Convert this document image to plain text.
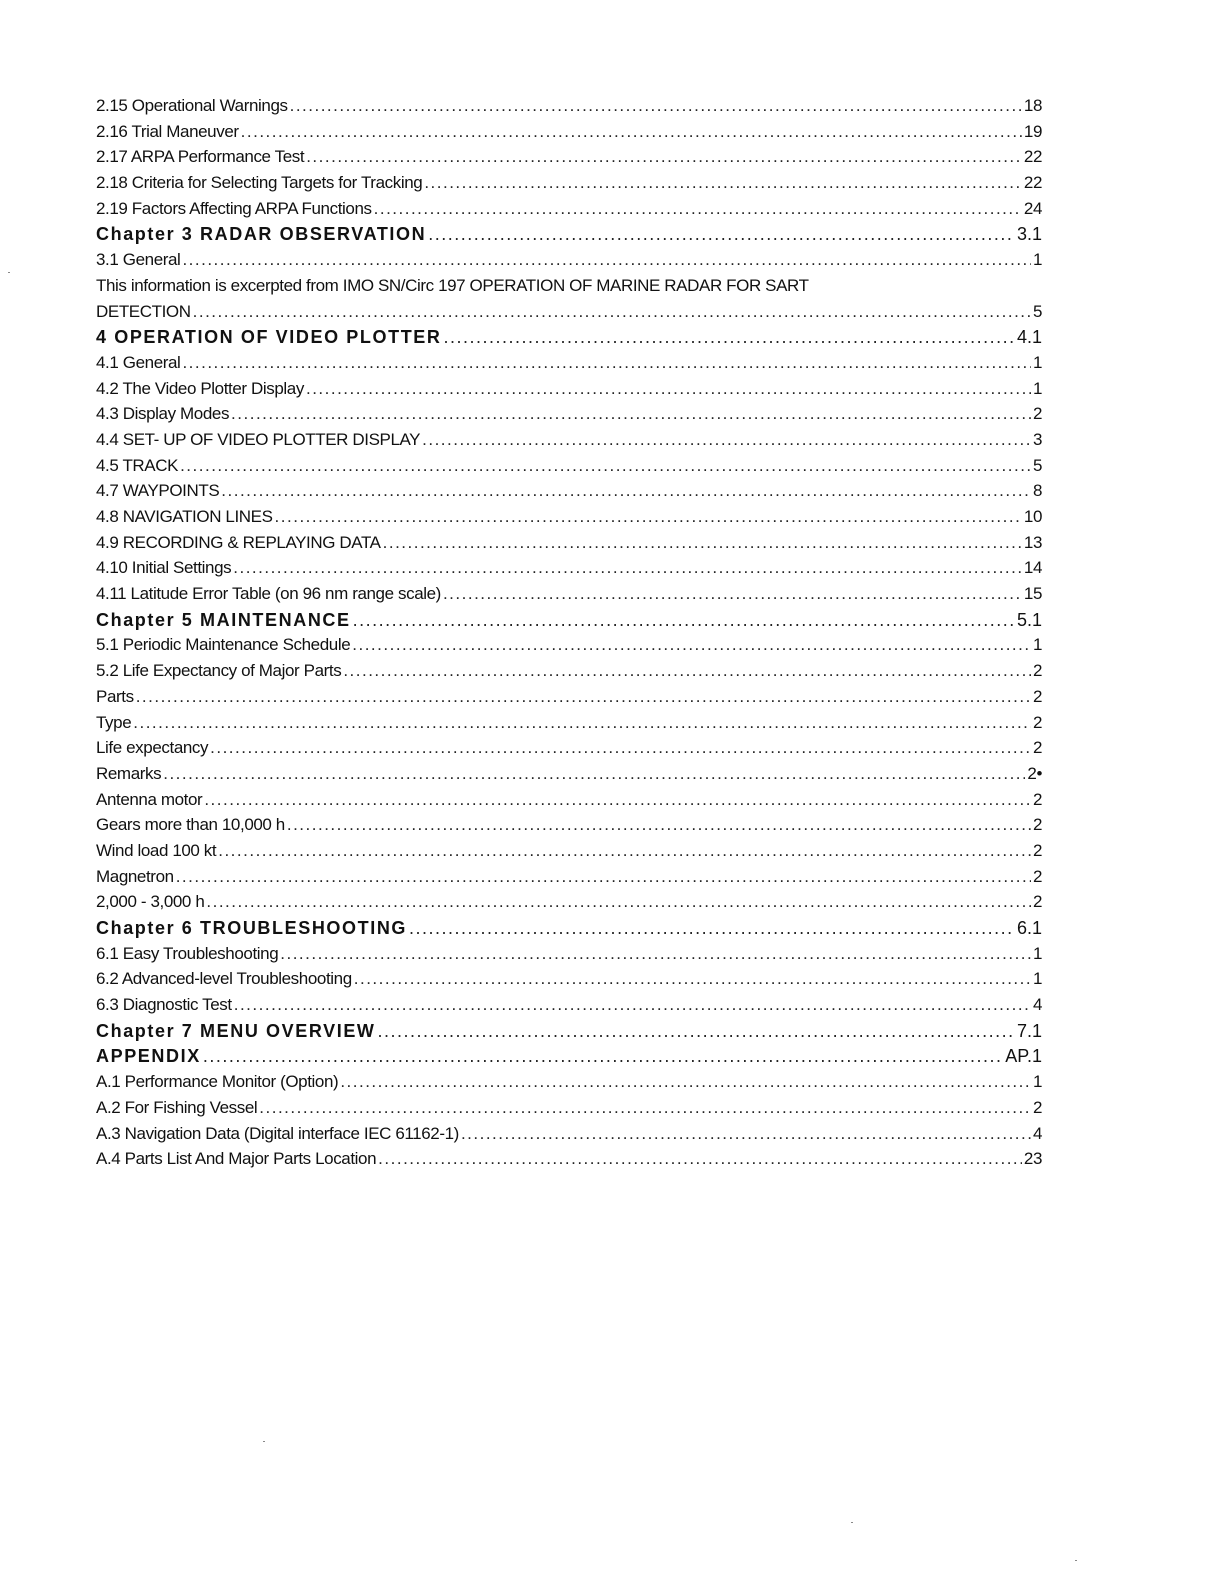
2.15 Operational Warnings .....	18
2.16 Trial Maneuver .....	19
2.17 ARPA Performance Test .....	22
2.18 Criteria for Selecting Targets for Tracking .....	22
2.19 Factors Affecting ARPA Functions .....	24
Chapter 3 RADAR OBSERVATION .....	3.1
3.1 General .....	1
This information is excerpted from IMO SN/Circ 197 OPERATION OF MARINE RADAR FOR SART
DETECTION .....	5
4 OPERATION OF VIDEO PLOTTER .....	4.1
4.1 General .....	1
4.2 The Video Plotter Display .....	1
4.3 Display Modes .....	2
4.4 SET- UP OF VIDEO PLOTTER DISPLAY .....	3
4.5 TRACK .....	5
4.7 WAYPOINTS .....	8
4.8 NAVIGATION LINES .....	10
4.9 RECORDING & REPLAYING DATA .....	13
4.10 Initial Settings .....	14
4.11 Latitude Error Table (on 96 nm range scale) .....	15
Chapter 5 MAINTENANCE .....	5.1
5.1 Periodic Maintenance Schedule .....	1
5.2 Life Expectancy of Major Parts .....	2
Parts .....	2
Type .....	2
Life expectancy .....	2
Remarks .....	2•
Antenna motor .....	2
Gears more than 10,000 h .....	2
Wind load 100 kt .....	2
Magnetron .....	2
2,000 - 3,000 h .....	2
Chapter 6 TROUBLESHOOTING .....	6.1
6.1 Easy Troubleshooting .....	1
6.2 Advanced-level Troubleshooting .....	1
6.3 Diagnostic Test .....	4
Chapter 7 MENU OVERVIEW .....	7.1
APPENDIX .....	AP.1
A.1 Performance Monitor (Option) .....	1
A.2 For Fishing Vessel .....	2
A.3 Navigation Data (Digital interface IEC 61162-1) .....	4
A.4 Parts List And Major Parts Location .....	23
